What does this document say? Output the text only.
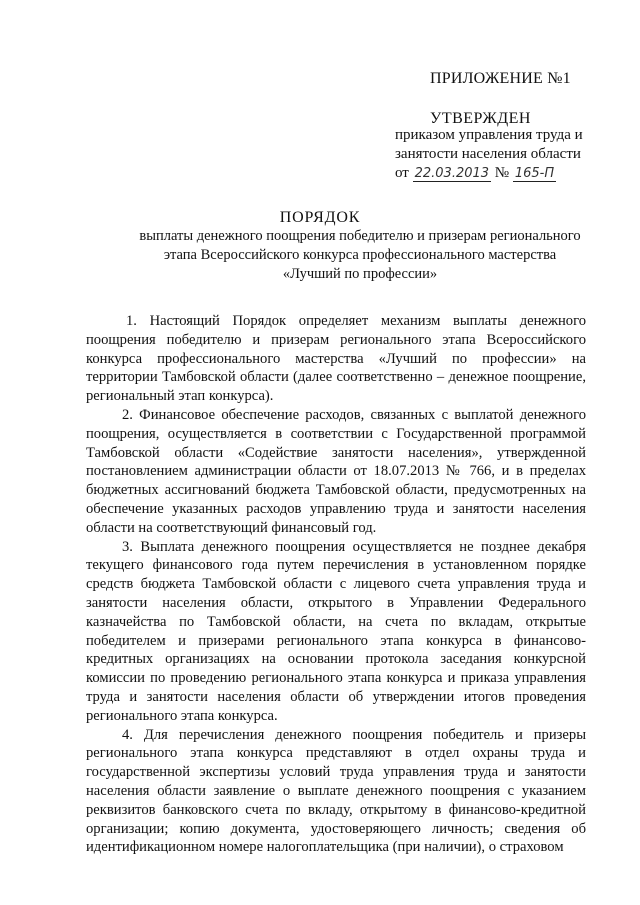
ПРИЛОЖЕНИЕ №1
УТВЕРЖДЕН
приказом управления труда и
занятости населения области
от 22.03.2013 № 165-П
ПОРЯДОК
выплаты денежного поощрения победителю и призерам регионального
этапа Всероссийского конкурса профессионального мастерства
«Лучший по профессии»

1. Настоящий Порядок определяет механизм выплаты денежного поощрения победителю и призерам регионального этапа Всероссийского конкурса профессионального мастерства «Лучший по профессии» на территории Тамбовской области (далее соответственно – денежное поощрение, региональный этап конкурса).

2. Финансовое обеспечение расходов, связанных с выплатой денежного поощрения, осуществляется в соответствии с Государственной программой Тамбовской области «Содействие занятости населения», утвержденной постановлением администрации области от 18.07.2013 № 766, и в пределах бюджетных ассигнований бюджета Тамбовской области, предусмотренных на обеспечение указанных расходов управлению труда и занятости населения области на соответствующий финансовый год.

3. Выплата денежного поощрения осуществляется не позднее декабря текущего финансового года путем перечисления в установленном порядке средств бюджета Тамбовской области с лицевого счета управления труда и занятости населения области, открытого в Управлении Федерального казначейства по Тамбовской области, на счета по вкладам, открытые победителем и призерами регионального этапа конкурса в финансово-кредитных организациях на основании протокола заседания конкурсной комиссии по проведению регионального этапа конкурса и приказа управления труда и занятости населения области об утверждении итогов проведения регионального этапа конкурса.

4. Для перечисления денежного поощрения победитель и призеры регионального этапа конкурса представляют в отдел охраны труда и государственной экспертизы условий труда управления труда и занятости населения области заявление о выплате денежного поощрения с указанием реквизитов банковского счета по вкладу, открытому в финансово-кредитной организации; копию документа, удостоверяющего личность; сведения об идентификационном номере налогоплательщика (при наличии), о страховом
